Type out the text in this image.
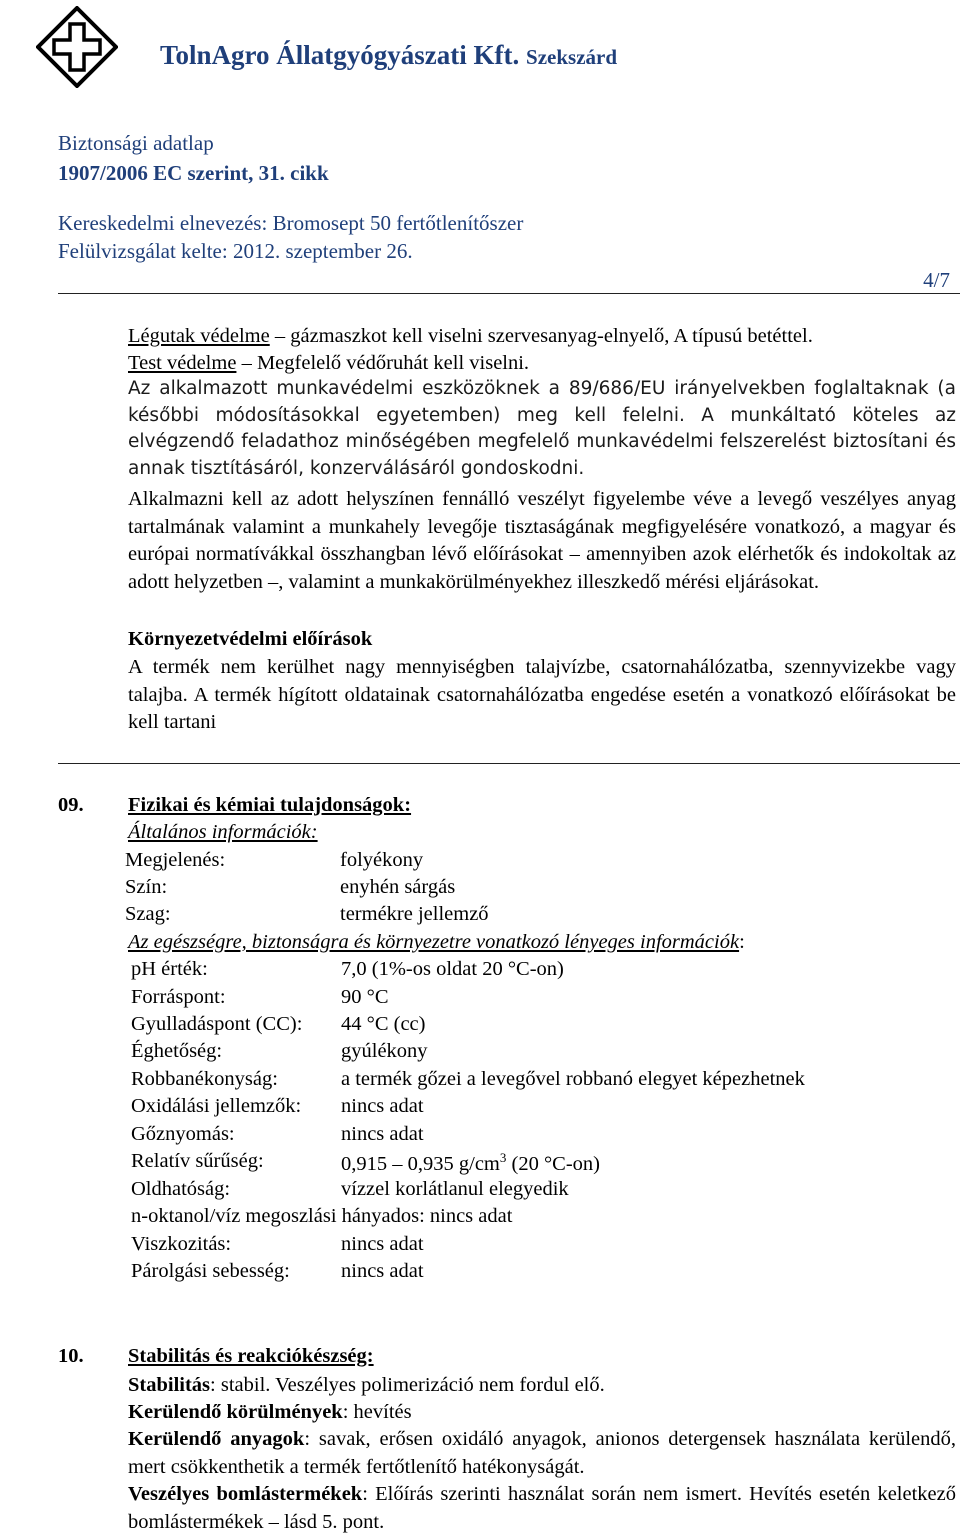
TolnAgro Állatgyógyászati Kft. Szekszárd
Biztonsági adatlap
1907/2006 EC szerint, 31. cikk
Kereskedelmi elnevezés: Bromosept 50 fertőtlenítőszer
Felülvizsgálat kelte: 2012. szeptember 26.
4/7

Légutak védelme – gázmaszkot kell viselni szervesanyag-elnyelő, A típusú betéttel.

Test védelme – Megfelelő védőruhát kell viselni.

Az alkalmazott munkavédelmi eszközöknek a 89/686/EU irányelvekben foglaltaknak (a későbbi módosításokkal egyetemben) meg kell felelni. A munkáltató köteles az elvégzendő feladathoz minőségében megfelelő munkavédelmi felszerelést biztosítani és annak tisztításáról, konzerválásáról gondoskodni.
Alkalmazni kell az adott helyszínen fennálló veszélyt figyelembe véve a levegő veszélyes anyag tartalmának valamint a munkahely levegője tisztaságának megfigyelésére vonatkozó, a magyar és európai normatívákkal összhangban lévő előírásokat – amennyiben azok elérhetők és indokoltak az adott helyzetben –, valamint a munkakörülményekhez illeszkedő mérési eljárásokat.
Környezetvédelmi előírások
A termék nem kerülhet nagy mennyiségben talajvízbe, csatornahálózatba, szennyvizekbe vagy talajba. A termék hígított oldatainak csatornahálózatba engedése esetén a vonatkozó előírásokat be kell tartani
09. Fizikai és kémiai tulajdonságok:
Általános információk:
Megjelenés:	folyékony
Szín:	enyhén sárgás
Szag:	termékre jellemző
Az egészségre, biztonságra és környezetre vonatkozó lényeges információk:
pH érték:	7,0 (1%-os oldat 20 °C-on)
Forráspont:	90 °C
Gyulladáspont (CC): 44 °C (cc)
Éghetőség:	gyúlékony
Robbanékonyság:	a termék gőzei a levegővel robbanó elegyet képezhetnek
Oxidálási jellemzők: nincs adat
Gőznyomás:	nincs adat
Relatív sűrűség:	0,915 – 0,935 $g/cm^3$ (20 °C-on)
Oldhatóság:	vízzel korlátlanul elegyedik
n-oktanol/víz megoszlási hányados: nincs adat
Viszkozitás:	nincs adat
Párolgási sebesség: nincs adat
10. Stabilitás és reakciókészség:
Stabilitás: stabil. Veszélyes polimerizáció nem fordul elő.
Kerülendő körülmények: hevítés
Kerülendő anyagok: savak, erősen oxidáló anyagok, anionos detergensek használata kerülendő, mert csökkenthetik a termék fertőtlenítő hatékonyságát.
Veszélyes bomlástermékek: Előírás szerinti használat során nem ismert. Hevítés esetén keletkező bomlástermékek – lásd 5. pont.
